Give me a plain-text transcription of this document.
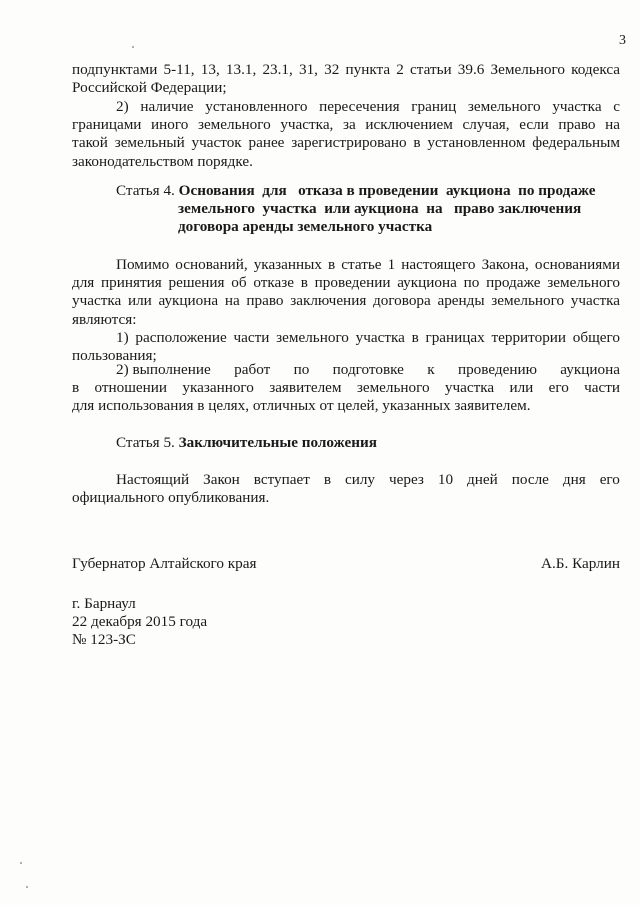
3
подпунктами 5-11, 13, 13.1, 23.1, 31, 32 пункта 2 статьи 39.6 Земельного кодекса
Российской Федерации;
2) наличие установленного пересечения границ земельного участка с
границами иного земельного участка, за исключением случая, если право на
такой земельный участок ранее зарегистрировано в установленном федеральным
законодательством порядке.
Статья 4. Основания  для   отказа в проведении  аукциона  по продаже
земельного  участка  или аукциона  на   право заключения
договора аренды земельного участка
Помимо оснований, указанных в статье 1 настоящего Закона, основаниями
для принятия решения об отказе в проведении аукциона по продаже земельного
участка или аукциона на право заключения договора аренды земельного участка
являются:
1) расположение части земельного участка в границах территории общего
пользования;
2) выполнение работ по подготовке к проведению аукциона
в отношении указанного заявителем земельного участка или его части
для использования в целях, отличных от целей, указанных заявителем.
Статья 5. Заключительные положения
Настоящий Закон вступает в силу через 10 дней после дня его
официального опубликования.
Губернатор Алтайского края	А.Б. Карлин
г. Барнаул
22 декабря 2015 года
№ 123-ЗС
